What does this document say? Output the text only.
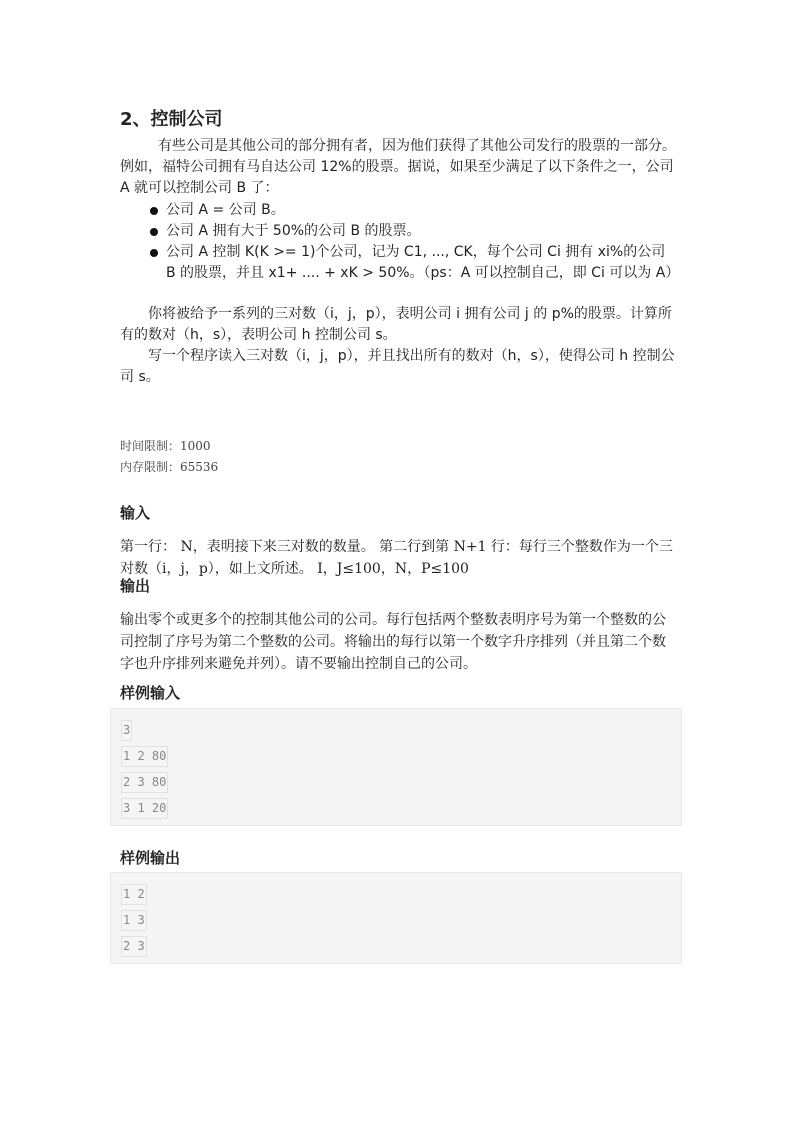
2、控制公司

有些公司是其他公司的部分拥有者，因为他们获得了其他公司发行的股票的一部分。例如，福特公司拥有马自达公司 12%的股票。据说，如果至少满足了以下条件之一，公司 A 就可以控制公司 B 了：

公司 A = 公司 B。
公司 A 拥有大于 50%的公司 B 的股票。
公司 A 控制 K(K >= 1)个公司，记为 C1, ..., CK，每个公司 Ci 拥有 xi%的公司 B 的股票，并且 x1+ .... + xK > 50%。（ps：A 可以控制自己，即 Ci 可以为 A）

你将被给予一系列的三对数（i，j，p），表明公司 i 拥有公司 j 的 p%的股票。计算所有的数对（h，s），表明公司 h 控制公司 s。

写一个程序读入三对数（i，j，p），并且找出所有的数对（h，s），使得公司 h 控制公司 s。

时间限制：1000
内存限制：65536
输入

第一行： N，表明接下来三对数的数量。 第二行到第 N+1 行：每行三个整数作为一个三对数（i，j，p），如上文所述。 I，J≤100，N，P≤100

输出

输出零个或更多个的控制其他公司的公司。每行包括两个整数表明序号为第一个整数的公司控制了序号为第二个整数的公司。将输出的每行以第一个数字升序排列（并且第二个数字也升序排列来避免并列）。请不要输出控制自己的公司。

样例输入
3
1 2 80
2 3 80
3 1 20
样例输出
1 2
1 3
2 3
